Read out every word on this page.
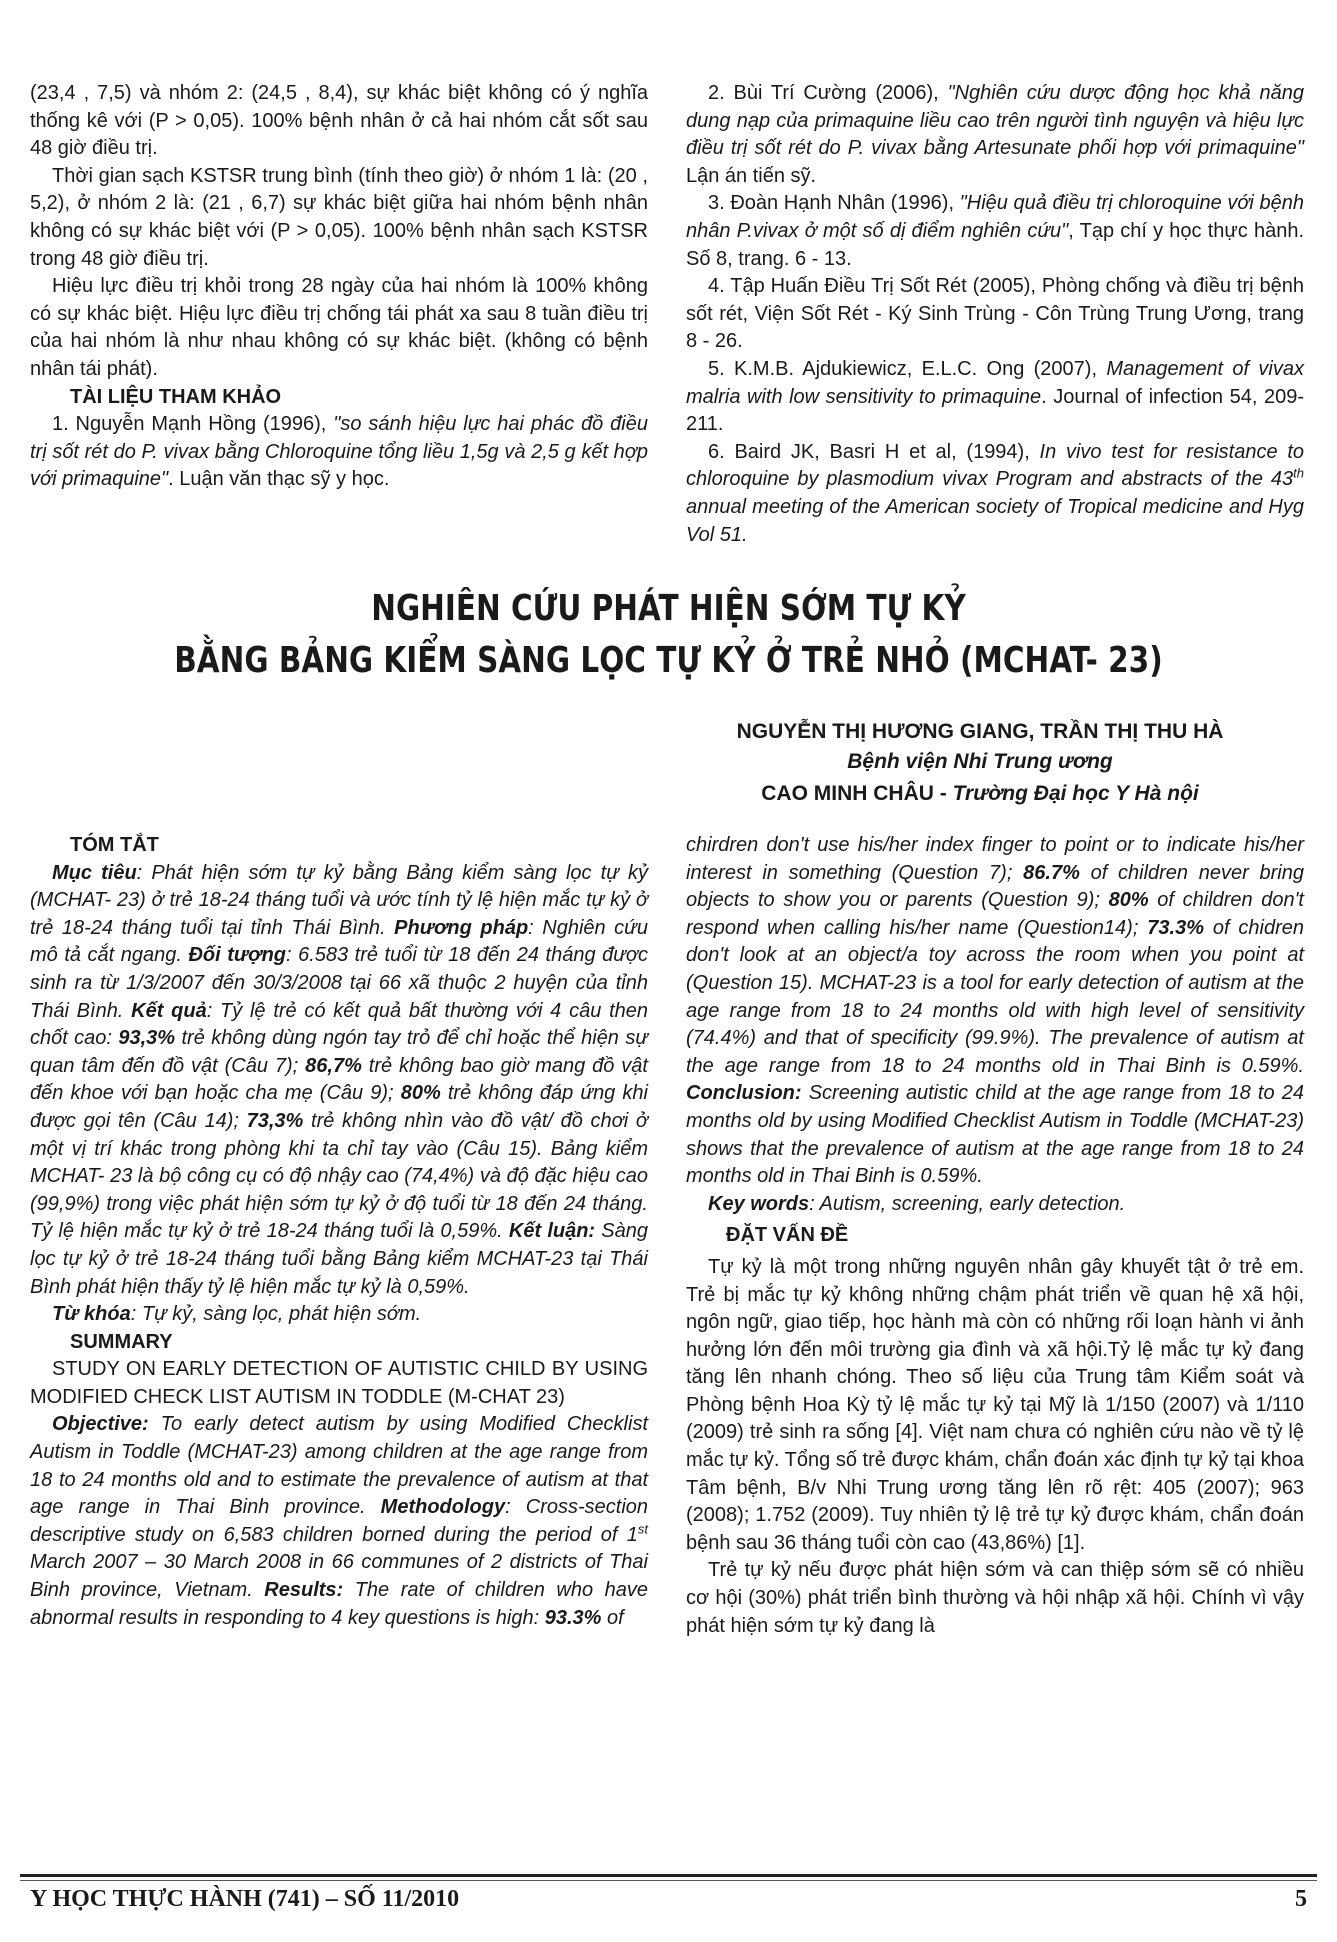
(23,4 , 7,5) và nhóm 2: (24,5 , 8,4), sự khác biệt không có ý nghĩa thống kê với (P > 0,05). 100% bệnh nhân ở cả hai nhóm cắt sốt sau 48 giờ điều trị.

Thời gian sạch KSTSR trung bình (tính theo giờ) ở nhóm 1 là: (20 , 5,2), ở nhóm 2 là: (21 , 6,7) sự khác biệt giữa hai nhóm bệnh nhân không có sự khác biệt với (P > 0,05). 100% bệnh nhân sạch KSTSR trong 48 giờ điều trị.

Hiệu lực điều trị khỏi trong 28 ngày của hai nhóm là 100% không có sự khác biệt. Hiệu lực điều trị chống tái phát xa sau 8 tuần điều trị của hai nhóm là như nhau không có sự khác biệt. (không có bệnh nhân tái phát).

TÀI LIỆU THAM KHẢO

1. Nguyễn Mạnh Hồng (1996), "so sánh hiệu lực hai phác đồ điều trị sốt rét do P. vivax bằng Chloroquine tổng liều 1,5g và 2,5 g kết hợp với primaquine". Luận văn thạc sỹ y học.

2. Bùi Trí Cường (2006), "Nghiên cứu dược động học khả năng dung nạp của primaquine liều cao trên người tình nguyện và hiệu lực điều trị sốt rét do P. vivax bằng Artesunate phối hợp với primaquine" Lận án tiến sỹ.

3. Đoàn Hạnh Nhân (1996), "Hiệu quả điều trị chloroquine với bệnh nhân P.vivax ở một số dị điểm nghiên cứu", Tạp chí y học thực hành. Số 8, trang. 6 - 13.

4. Tập Huấn Điều Trị Sốt Rét (2005), Phòng chống và điều trị bệnh sốt rét, Viện Sốt Rét - Ký Sinh Trùng - Côn Trùng Trung Ương, trang 8 - 26.

5. K.M.B. Ajdukiewicz, E.L.C. Ong (2007), Management of vivax malria with low sensitivity to primaquine. Journal of infection 54, 209-211.

6. Baird JK, Basri H et al, (1994), In vivo test for resistance to chloroquine by plasmodium vivax Program and abstracts of the 43th annual meeting of the American society of Tropical medicine and Hyg Vol 51.

NGHIÊN CỨU PHÁT HIỆN SỚM TỰ KỶ
BẰNG BẢNG KIỂM SÀNG LỌC TỰ KỶ Ở TRẺ NHỎ (MCHAT- 23)
NGUYỄN THỊ HƯƠNG GIANG, TRẦN THỊ THU HÀ
Bệnh viện Nhi Trung ương
CAO MINH CHÂU - Trường Đại học Y Hà nội

TÓM TẮT

Mục tiêu: Phát hiện sớm tự kỷ bằng Bảng kiểm sàng lọc tự kỷ (MCHAT- 23) ở trẻ 18-24 tháng tuổi và ước tính tỷ lệ hiện mắc tự kỷ ở trẻ 18-24 tháng tuổi tại tỉnh Thái Bình. Phương pháp: Nghiên cứu mô tả cắt ngang. Đối tượng: 6.583 trẻ tuổi từ 18 đến 24 tháng được sinh ra từ 1/3/2007 đến 30/3/2008 tại 66 xã thuộc 2 huyện của tỉnh Thái Bình. Kết quả: Tỷ lệ trẻ có kết quả bất thường với 4 câu then chốt cao: 93,3% trẻ không dùng ngón tay trỏ để chỉ hoặc thể hiện sự quan tâm đến đồ vật (Câu 7); 86,7% trẻ không bao giờ mang đồ vật đến khoe với bạn hoặc cha mẹ (Câu 9); 80% trẻ không đáp ứng khi được gọi tên (Câu 14); 73,3% trẻ không nhìn vào đồ vật/ đồ chơi ở một vị trí khác trong phòng khi ta chỉ tay vào (Câu 15). Bảng kiểm MCHAT- 23 là bộ công cụ có độ nhậy cao (74,4%) và độ đặc hiệu cao (99,9%) trong việc phát hiện sớm tự kỷ ở độ tuổi từ 18 đến 24 tháng. Tỷ lệ hiện mắc tự kỷ ở trẻ 18-24 tháng tuổi là 0,59%. Kết luận: Sàng lọc tự kỷ ở trẻ 18-24 tháng tuổi bằng Bảng kiểm MCHAT-23 tại Thái Bình phát hiện thấy tỷ lệ hiện mắc tự kỷ là 0,59%.

Từ khóa: Tự kỷ, sàng lọc, phát hiện sớm.

SUMMARY

STUDY ON EARLY DETECTION OF AUTISTIC CHILD BY USING MODIFIED CHECK LIST AUTISM IN TODDLE (M-CHAT 23)

Objective: To early detect autism by using Modified Checklist Autism in Toddle (MCHAT-23) among children at the age range from 18 to 24 months old and to estimate the prevalence of autism at that age range in Thai Binh province. Methodology: Cross-section descriptive study on 6,583 children borned during the period of 1st March 2007 – 30 March 2008 in 66 communes of 2 districts of Thai Binh province, Vietnam. Results: The rate of children who have abnormal results in responding to 4 key questions is high: 93.3% of

chirdren don't use his/her index finger to point or to indicate his/her interest in something (Question 7); 86.7% of children never bring objects to show you or parents (Question 9); 80% of children don't respond when calling his/her name (Question14); 73.3% of chidren don't look at an object/a toy across the room when you point at (Question 15). MCHAT-23 is a tool for early detection of autism at the age range from 18 to 24 months old with high level of sensitivity (74.4%) and that of specificity (99.9%). The prevalence of autism at the age range from 18 to 24 months old in Thai Binh is 0.59%. Conclusion: Screening autistic child at the age range from 18 to 24 months old by using Modified Checklist Autism in Toddle (MCHAT-23) shows that the prevalence of autism at the age range from 18 to 24 months old in Thai Binh is 0.59%.

Key words: Autism, screening, early detection.

ĐẶT VẤN ĐỀ

Tự kỷ là một trong những nguyên nhân gây khuyết tật ở trẻ em. Trẻ bị mắc tự kỷ không những chậm phát triển về quan hệ xã hội, ngôn ngữ, giao tiếp, học hành mà còn có những rối loạn hành vi ảnh hưởng lớn đến môi trường gia đình và xã hội.Tỷ lệ mắc tự kỷ đang tăng lên nhanh chóng. Theo số liệu của Trung tâm Kiểm soát và Phòng bệnh Hoa Kỳ tỷ lệ mắc tự kỷ tại Mỹ là 1/150 (2007) và 1/110 (2009) trẻ sinh ra sống [4]. Việt nam chưa có nghiên cứu nào về tỷ lệ mắc tự kỷ. Tổng số trẻ được khám, chẩn đoán xác định tự kỷ tại khoa Tâm bệnh, B/v Nhi Trung ương tăng lên rõ rệt: 405 (2007); 963 (2008); 1.752 (2009). Tuy nhiên tỷ lệ trẻ tự kỷ được khám, chẩn đoán bệnh sau 36 tháng tuổi còn cao (43,86%) [1].

Trẻ tự kỷ nếu được phát hiện sớm và can thiệp sớm sẽ có nhiều cơ hội (30%) phát triển bình thường và hội nhập xã hội. Chính vì vậy phát hiện sớm tự kỷ đang là

Y HỌC THỰC HÀNH (741) – SỐ 11/2010	5
